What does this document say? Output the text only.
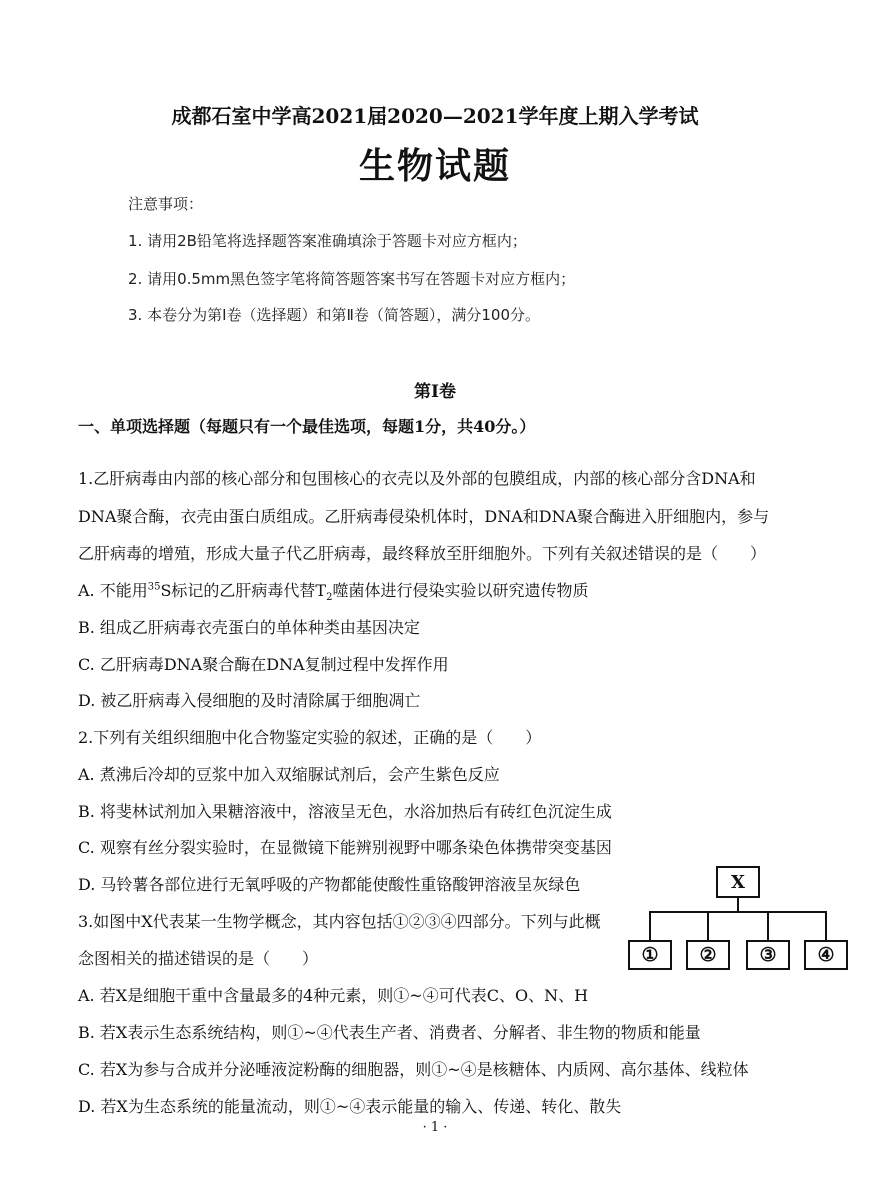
成都石室中学高2021届2020—2021学年度上期入学考试
生物试题
注意事项：
1. 请用2B铅笔将选择题答案准确填涂于答题卡对应方框内；
2. 请用0.5mm黑色签字笔将简答题答案书写在答题卡对应方框内；
3. 本卷分为第Ⅰ卷（选择题）和第Ⅱ卷（简答题），满分100分。
第Ⅰ卷
一、单项选择题（每题只有一个最佳选项，每题1分，共40分。）
1.乙肝病毒由内部的核心部分和包围核心的衣壳以及外部的包膜组成，内部的核心部分含DNA和
DNA聚合酶，衣壳由蛋白质组成。乙肝病毒侵染机体时，DNA和DNA聚合酶进入肝细胞内，参与
乙肝病毒的增殖，形成大量子代乙肝病毒，最终释放至肝细胞外。下列有关叙述错误的是（　　）
A. 不能用$^{35}$S标记的乙肝病毒代替$T_2$噬菌体进行侵染实验以研究遗传物质
B. 组成乙肝病毒衣壳蛋白的单体种类由基因决定
C. 乙肝病毒DNA聚合酶在DNA复制过程中发挥作用
D. 被乙肝病毒入侵细胞的及时清除属于细胞凋亡
2.下列有关组织细胞中化合物鉴定实验的叙述，正确的是（　　）
A. 煮沸后冷却的豆浆中加入双缩脲试剂后，会产生紫色反应
B. 将斐林试剂加入果糖溶液中，溶液呈无色，水浴加热后有砖红色沉淀生成
C. 观察有丝分裂实验时，在显微镜下能辨别视野中哪条染色体携带突变基因
D. 马铃薯各部位进行无氧呼吸的产物都能使酸性重铬酸钾溶液呈灰绿色
3.如图中X代表某一生物学概念，其内容包括①②③④四部分。下列与此概
念图相关的描述错误的是（　　）
A. 若X是细胞干重中含量最多的4种元素，则①~④可代表C、O、N、H
B. 若X表示生态系统结构，则①~④代表生产者、消费者、分解者、非生物的物质和能量
C. 若X为参与合成并分泌唾液淀粉酶的细胞器，则①~④是核糖体、内质网、高尔基体、线粒体
D. 若X为生态系统的能量流动，则①~④表示能量的输入、传递、转化、散失
X
①	②	③	④
· 1 ·
